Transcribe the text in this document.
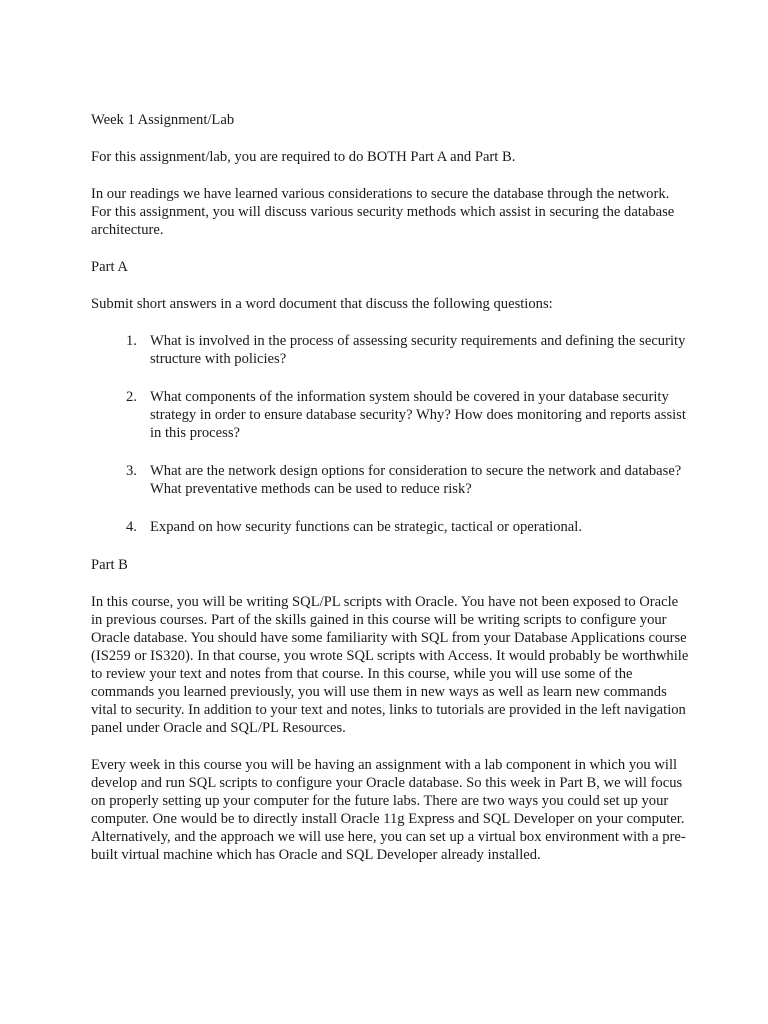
Week 1 Assignment/Lab

For this assignment/lab, you are required to do BOTH Part A and Part B.

In our readings we have learned various considerations to secure the database through the network. For this assignment, you will discuss various security methods which assist in securing the database architecture.

Part A

Submit short answers in a word document that discuss the following questions:

1. What is involved in the process of assessing security requirements and defining the security structure with policies?
2. What components of the information system should be covered in your database security strategy in order to ensure database security? Why? How does monitoring and reports assist in this process?
3. What are the network design options for consideration to secure the network and database? What preventative methods can be used to reduce risk?
4. Expand on how security functions can be strategic, tactical or operational.

Part B

In this course, you will be writing SQL/PL scripts with Oracle. You have not been exposed to Oracle in previous courses. Part of the skills gained in this course will be writing scripts to configure your Oracle database. You should have some familiarity with SQL from your Database Applications course (IS259 or IS320). In that course, you wrote SQL scripts with Access. It would probably be worthwhile to review your text and notes from that course. In this course, while you will use some of the commands you learned previously, you will use them in new ways as well as learn new commands vital to security. In addition to your text and notes, links to tutorials are provided in the left navigation panel under Oracle and SQL/PL Resources.

Every week in this course you will be having an assignment with a lab component in which you will develop and run SQL scripts to configure your Oracle database. So this week in Part B, we will focus on properly setting up your computer for the future labs. There are two ways you could set up your computer. One would be to directly install Oracle 11g Express and SQL Developer on your computer. Alternatively, and the approach we will use here, you can set up a virtual box environment with a pre-built virtual machine which has Oracle and SQL Developer already installed.
